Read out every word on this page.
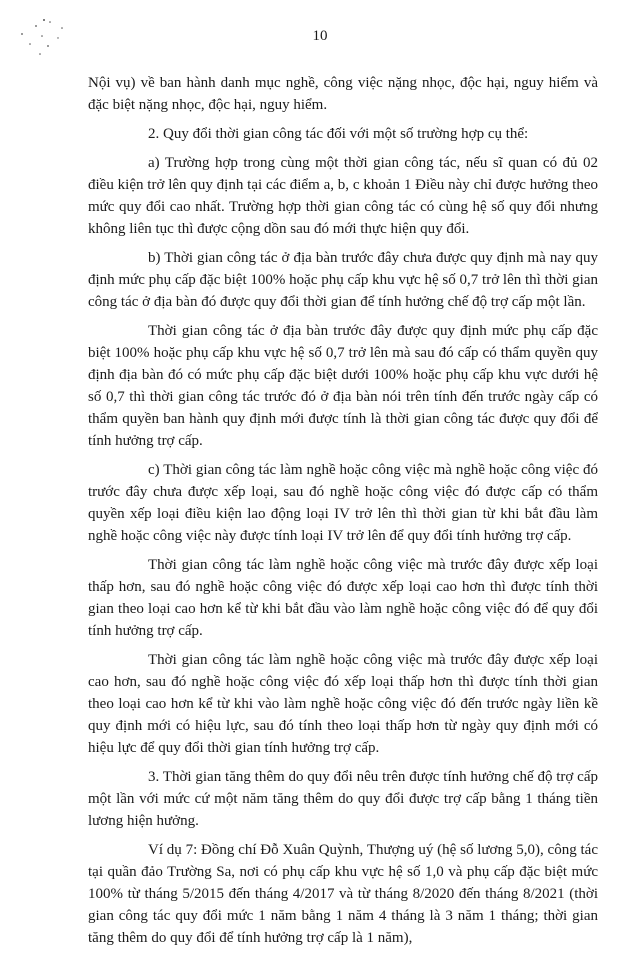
10

Nội vụ) về ban hành danh mục nghề, công việc nặng nhọc, độc hại, nguy hiểm và đặc biệt nặng nhọc, độc hại, nguy hiểm.

2. Quy đổi thời gian công tác đối với một số trường hợp cụ thể:

a) Trường hợp trong cùng một thời gian công tác, nếu sĩ quan có đủ 02 điều kiện trở lên quy định tại các điểm a, b, c khoản 1 Điều này chỉ được hưởng theo mức quy đổi cao nhất. Trường hợp thời gian công tác có cùng hệ số quy đổi nhưng không liên tục thì được cộng dồn sau đó mới thực hiện quy đổi.

b) Thời gian công tác ở địa bàn trước đây chưa được quy định mà nay quy định mức phụ cấp đặc biệt 100% hoặc phụ cấp khu vực hệ số 0,7 trở lên thì thời gian công tác ở địa bàn đó được quy đổi thời gian để tính hưởng chế độ trợ cấp một lần.

Thời gian công tác ở địa bàn trước đây được quy định mức phụ cấp đặc biệt 100% hoặc phụ cấp khu vực hệ số 0,7 trở lên mà sau đó cấp có thẩm quyền quy định địa bàn đó có mức phụ cấp đặc biệt dưới 100% hoặc phụ cấp khu vực dưới hệ số 0,7 thì thời gian công tác trước đó ở địa bàn nói trên tính đến trước ngày cấp có thẩm quyền ban hành quy định mới được tính là thời gian công tác được quy đổi để tính hưởng trợ cấp.

c) Thời gian công tác làm nghề hoặc công việc mà nghề hoặc công việc đó trước đây chưa được xếp loại, sau đó nghề hoặc công việc đó được cấp có thẩm quyền xếp loại điều kiện lao động loại IV trở lên thì thời gian từ khi bắt đầu làm nghề hoặc công việc này được tính loại IV trở lên để quy đổi tính hưởng trợ cấp.

Thời gian công tác làm nghề hoặc công việc mà trước đây được xếp loại thấp hơn, sau đó nghề hoặc công việc đó được xếp loại cao hơn thì được tính thời gian theo loại cao hơn kể từ khi bắt đầu vào làm nghề hoặc công việc đó để quy đổi tính hưởng trợ cấp.

Thời gian công tác làm nghề hoặc công việc mà trước đây được xếp loại cao hơn, sau đó nghề hoặc công việc đó xếp loại thấp hơn thì được tính thời gian theo loại cao hơn kể từ khi vào làm nghề hoặc công việc đó đến trước ngày liền kề quy định mới có hiệu lực, sau đó tính theo loại thấp hơn từ ngày quy định mới có hiệu lực để quy đổi thời gian tính hưởng trợ cấp.

3. Thời gian tăng thêm do quy đổi nêu trên được tính hưởng chế độ trợ cấp một lần với mức cứ một năm tăng thêm do quy đổi được trợ cấp bằng 1 tháng tiền lương hiện hưởng.

Ví dụ 7: Đồng chí Đỗ Xuân Quỳnh, Thượng uý (hệ số lương 5,0), công tác tại quần đảo Trường Sa, nơi có phụ cấp khu vực hệ số 1,0 và phụ cấp đặc biệt mức 100% từ tháng 5/2015 đến tháng 4/2017 và từ tháng 8/2020 đến tháng 8/2021 (thời gian công tác quy đổi mức 1 năm bằng 1 năm 4 tháng là 3 năm 1 tháng; thời gian tăng thêm do quy đổi để tính hưởng trợ cấp là 1 năm),
